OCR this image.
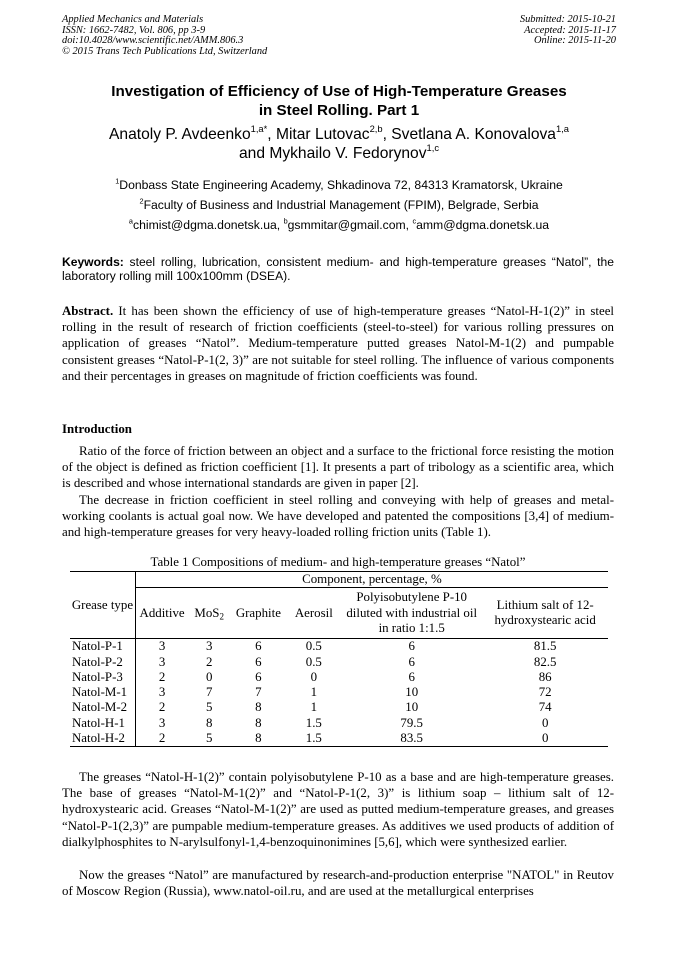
Applied Mechanics and Materials
ISSN: 1662-7482, Vol. 806, pp 3-9
doi:10.4028/www.scientific.net/AMM.806.3
© 2015 Trans Tech Publications Ltd, Switzerland
Submitted: 2015-10-21
Accepted: 2015-11-17
Online: 2015-11-20
Investigation of Efficiency of Use of High-Temperature Greases
in Steel Rolling. Part 1
Anatoly P. Avdeenko$^{1,a*}$, Mitar Lutovac$^{2,b}$, Svetlana A. Konovalova$^{1,a}$
and Mykhailo V. Fedorynov$^{1,c}$
$^1$Donbass State Engineering Academy, Shkadinova 72, 84313 Kramatorsk, Ukraine
$^2$Faculty of Business and Industrial Management (FPIM), Belgrade, Serbia
$^a$chimist@dgma.donetsk.ua, $^b$gsmmitar@gmail.com, $^c$amm@dgma.donetsk.ua
Keywords: steel rolling, lubrication, consistent medium- and high-temperature greases “Natol”, the laboratory rolling mill 100x100mm (DSEA).
Abstract. It has been shown the efficiency of use of high-temperature greases “Natol-H-1(2)” in steel rolling in the result of research of friction coefficients (steel-to-steel) for various rolling pressures on application of greases “Natol”. Medium-temperature putted greases Natol-M-1(2) and pumpable consistent greases “Natol-P-1(2, 3)” are not suitable for steel rolling. The influence of various components and their percentages in greases on magnitude of friction coefficients was found.
Introduction
Ratio of the force of friction between an object and a surface to the frictional force resisting the motion of the object is defined as friction coefficient [1]. It presents a part of tribology as a scientific area, which is described and whose international standards are given in paper [2].
The decrease in friction coefficient in steel rolling and conveying with help of greases and metal-working coolants is actual goal now. We have developed and patented the compositions [3,4] of medium- and high-temperature greases for very heavy-loaded rolling friction units (Table 1).
Table 1 Compositions of medium- and high-temperature greases “Natol”
Grease type	Component, percentage, %					
	Additive	MoS$_2$	Graphite	Aerosil	Polyisobutylene P-10 diluted with industrial oil in ratio 1:1.5	Lithium salt of 12-hydroxystearic acid
Natol-P-1	3	3	6	0.5	6	81.5
Natol-P-2	3	2	6	0.5	6	82.5
Natol-P-3	2	0	6	0	6	86
Natol-M-1	3	7	7	1	10	72
Natol-M-2	2	5	8	1	10	74
Natol-H-1	3	8	8	1.5	79.5	0
Natol-H-2	2	5	8	1.5	83.5	0
The greases “Natol-H-1(2)” contain polyisobutylene P-10 as a base and are high-temperature greases. The base of greases “Natol-M-1(2)” and “Natol-P-1(2, 3)” is lithium soap – lithium salt of 12-hydroxystearic acid. Greases “Natol-M-1(2)” are used as putted medium-temperature greases, and greases “Natol-P-1(2,3)” are pumpable medium-temperature greases. As additives we used products of addition of dialkylphosphites to N-arylsulfonyl-1,4-benzoquinonimines [5,6], which were synthesized earlier.
Now the greases “Natol” are manufactured by research-and-production enterprise "NATOL" in Reutov of Moscow Region (Russia), www.natol-oil.ru, and are used at the metallurgical enterprises
